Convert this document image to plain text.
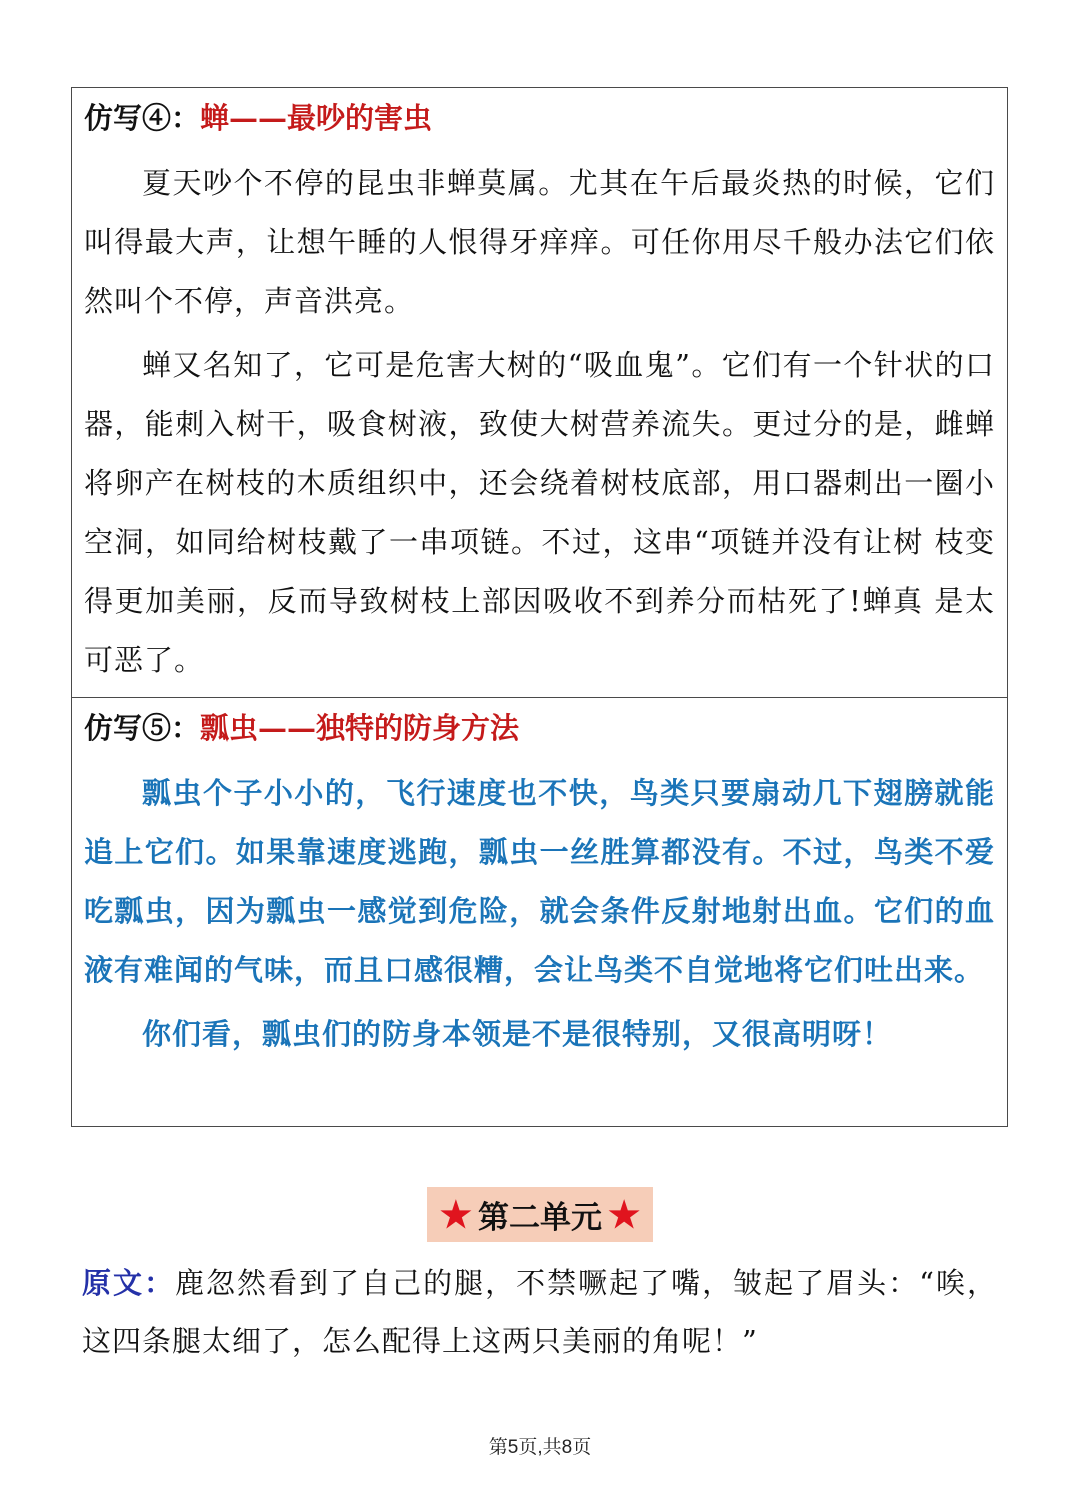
仿写④：蝉——最吵的害虫

夏天吵个不停的昆虫非蝉莫属。尤其在午后最炎热的时候，它们叫得最大声，让想午睡的人恨得牙痒痒。可任你用尽千般办法它们依然叫个不停，声音洪亮。

蝉又名知了，它可是危害大树的“吸血鬼”。它们有一个针状的口器，能刺入树干，吸食树液，致使大树营养流失。更过分的是，雌蝉将卵产在树枝的木质组织中，还会绕着树枝底部，用口器刺出一圈小空洞，如同给树枝戴了一串项链。不过，这串“项链并没有让树 枝变得更加美丽，反而导致树枝上部因吸收不到养分而枯死了!蝉真 是太可恶了。

仿写⑤：瓢虫——独特的防身方法

瓢虫个子小小的，飞行速度也不快，鸟类只要扇动几下翅膀就能追上它们。如果靠速度逃跑，瓢虫一丝胜算都没有。不过，鸟类不爱 吃瓢虫，因为瓢虫一感觉到危险，就会条件反射地射出血。它们的血液有难闻的气味，而且口感很糟，会让鸟类不自觉地将它们吐出来。

你们看，瓢虫们的防身本领是不是很特别，又很高明呀！

★ 第二单元 ★
原文：鹿忽然看到了自己的腿，不禁噘起了嘴，皱起了眉头：“唉，这四条腿太细了，怎么配得上这两只美丽的角呢！”
第5页,共8页
